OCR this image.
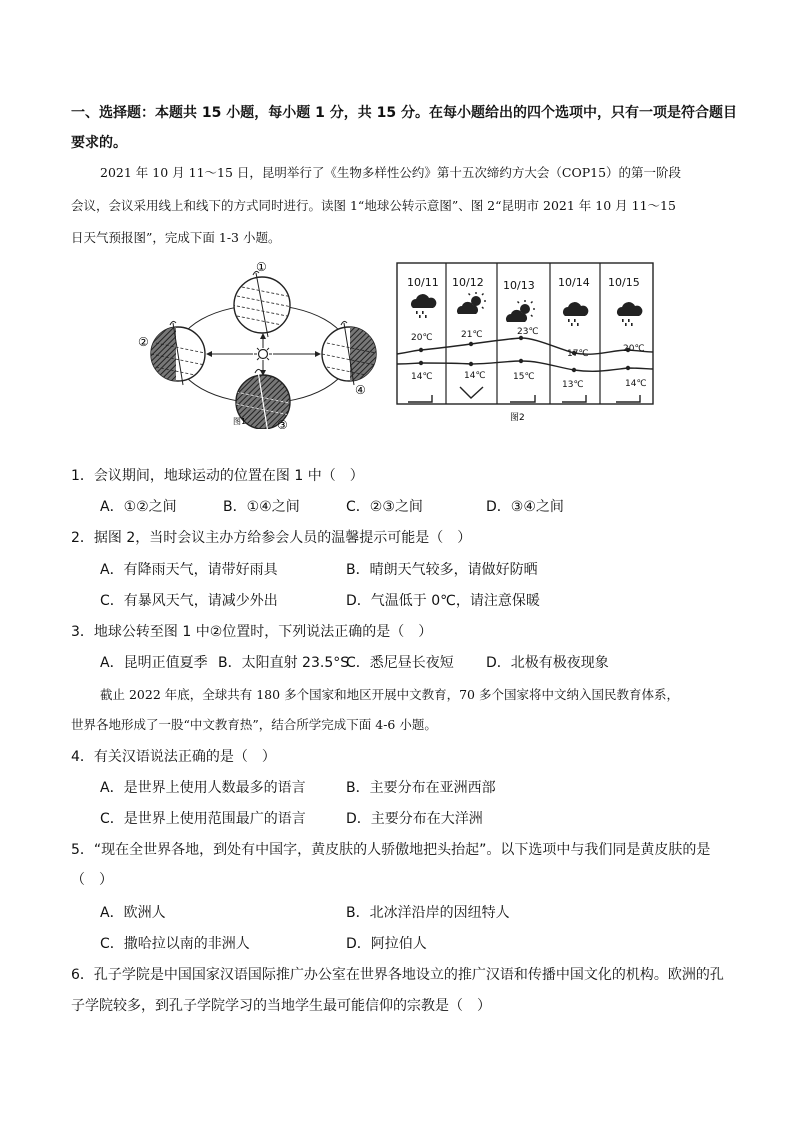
一、选择题：本题共 15 小题，每小题 1 分，共 15 分。在每小题给出的四个选项中，只有一项是符合题目
要求的。
2021 年 10 月 11～15 日，昆明举行了《生物多样性公约》第十五次缔约方大会（COP15）的第一阶段
会议，会议采用线上和线下的方式同时进行。读图 1“地球公转示意图”、图 2“昆明市 2021 年 10 月 11～15
日天气预报图”，完成下面 1-3 小题。
①
②
③
④
图1
10/11 10/12 10/13 10/14 10/15
20℃	21℃	23℃
17℃	20℃
14℃	14℃	15℃
13℃	14℃
图2
1．会议期间，地球运动的位置在图 1 中（　）
A．①②之间	B．①④之间	C．②③之间	D．③④之间
2．据图 2，当时会议主办方给参会人员的温馨提示可能是（　）
A．有降雨天气，请带好雨具	B．晴朗天气较多，请做好防晒
C．有暴风天气，请减少外出	D．气温低于 0℃，请注意保暖
3．地球公转至图 1 中②位置时，下列说法正确的是（　）
A．昆明正值夏季 B．太阳直射 23.5°S
C．悉尼昼长夜短 D．北极有极夜现象
截止 2022 年底，全球共有 180 多个国家和地区开展中文教育，70 多个国家将中文纳入国民教育体系，
世界各地形成了一股“中文教育热”，结合所学完成下面 4-6 小题。
4．有关汉语说法正确的是（　）
A．是世界上使用人数最多的语言	B．主要分布在亚洲西部
C．是世界上使用范围最广的语言	D．主要分布在大洋洲
5．“现在全世界各地，到处有中国字，黄皮肤的人骄傲地把头抬起”。以下选项中与我们同是黄皮肤的是
（　）
A．欧洲人	B．北冰洋沿岸的因纽特人
C．撒哈拉以南的非洲人	D．阿拉伯人
6．孔子学院是中国国家汉语国际推广办公室在世界各地设立的推广汉语和传播中国文化的机构。欧洲的孔
子学院较多，到孔子学院学习的当地学生最可能信仰的宗教是（　）
